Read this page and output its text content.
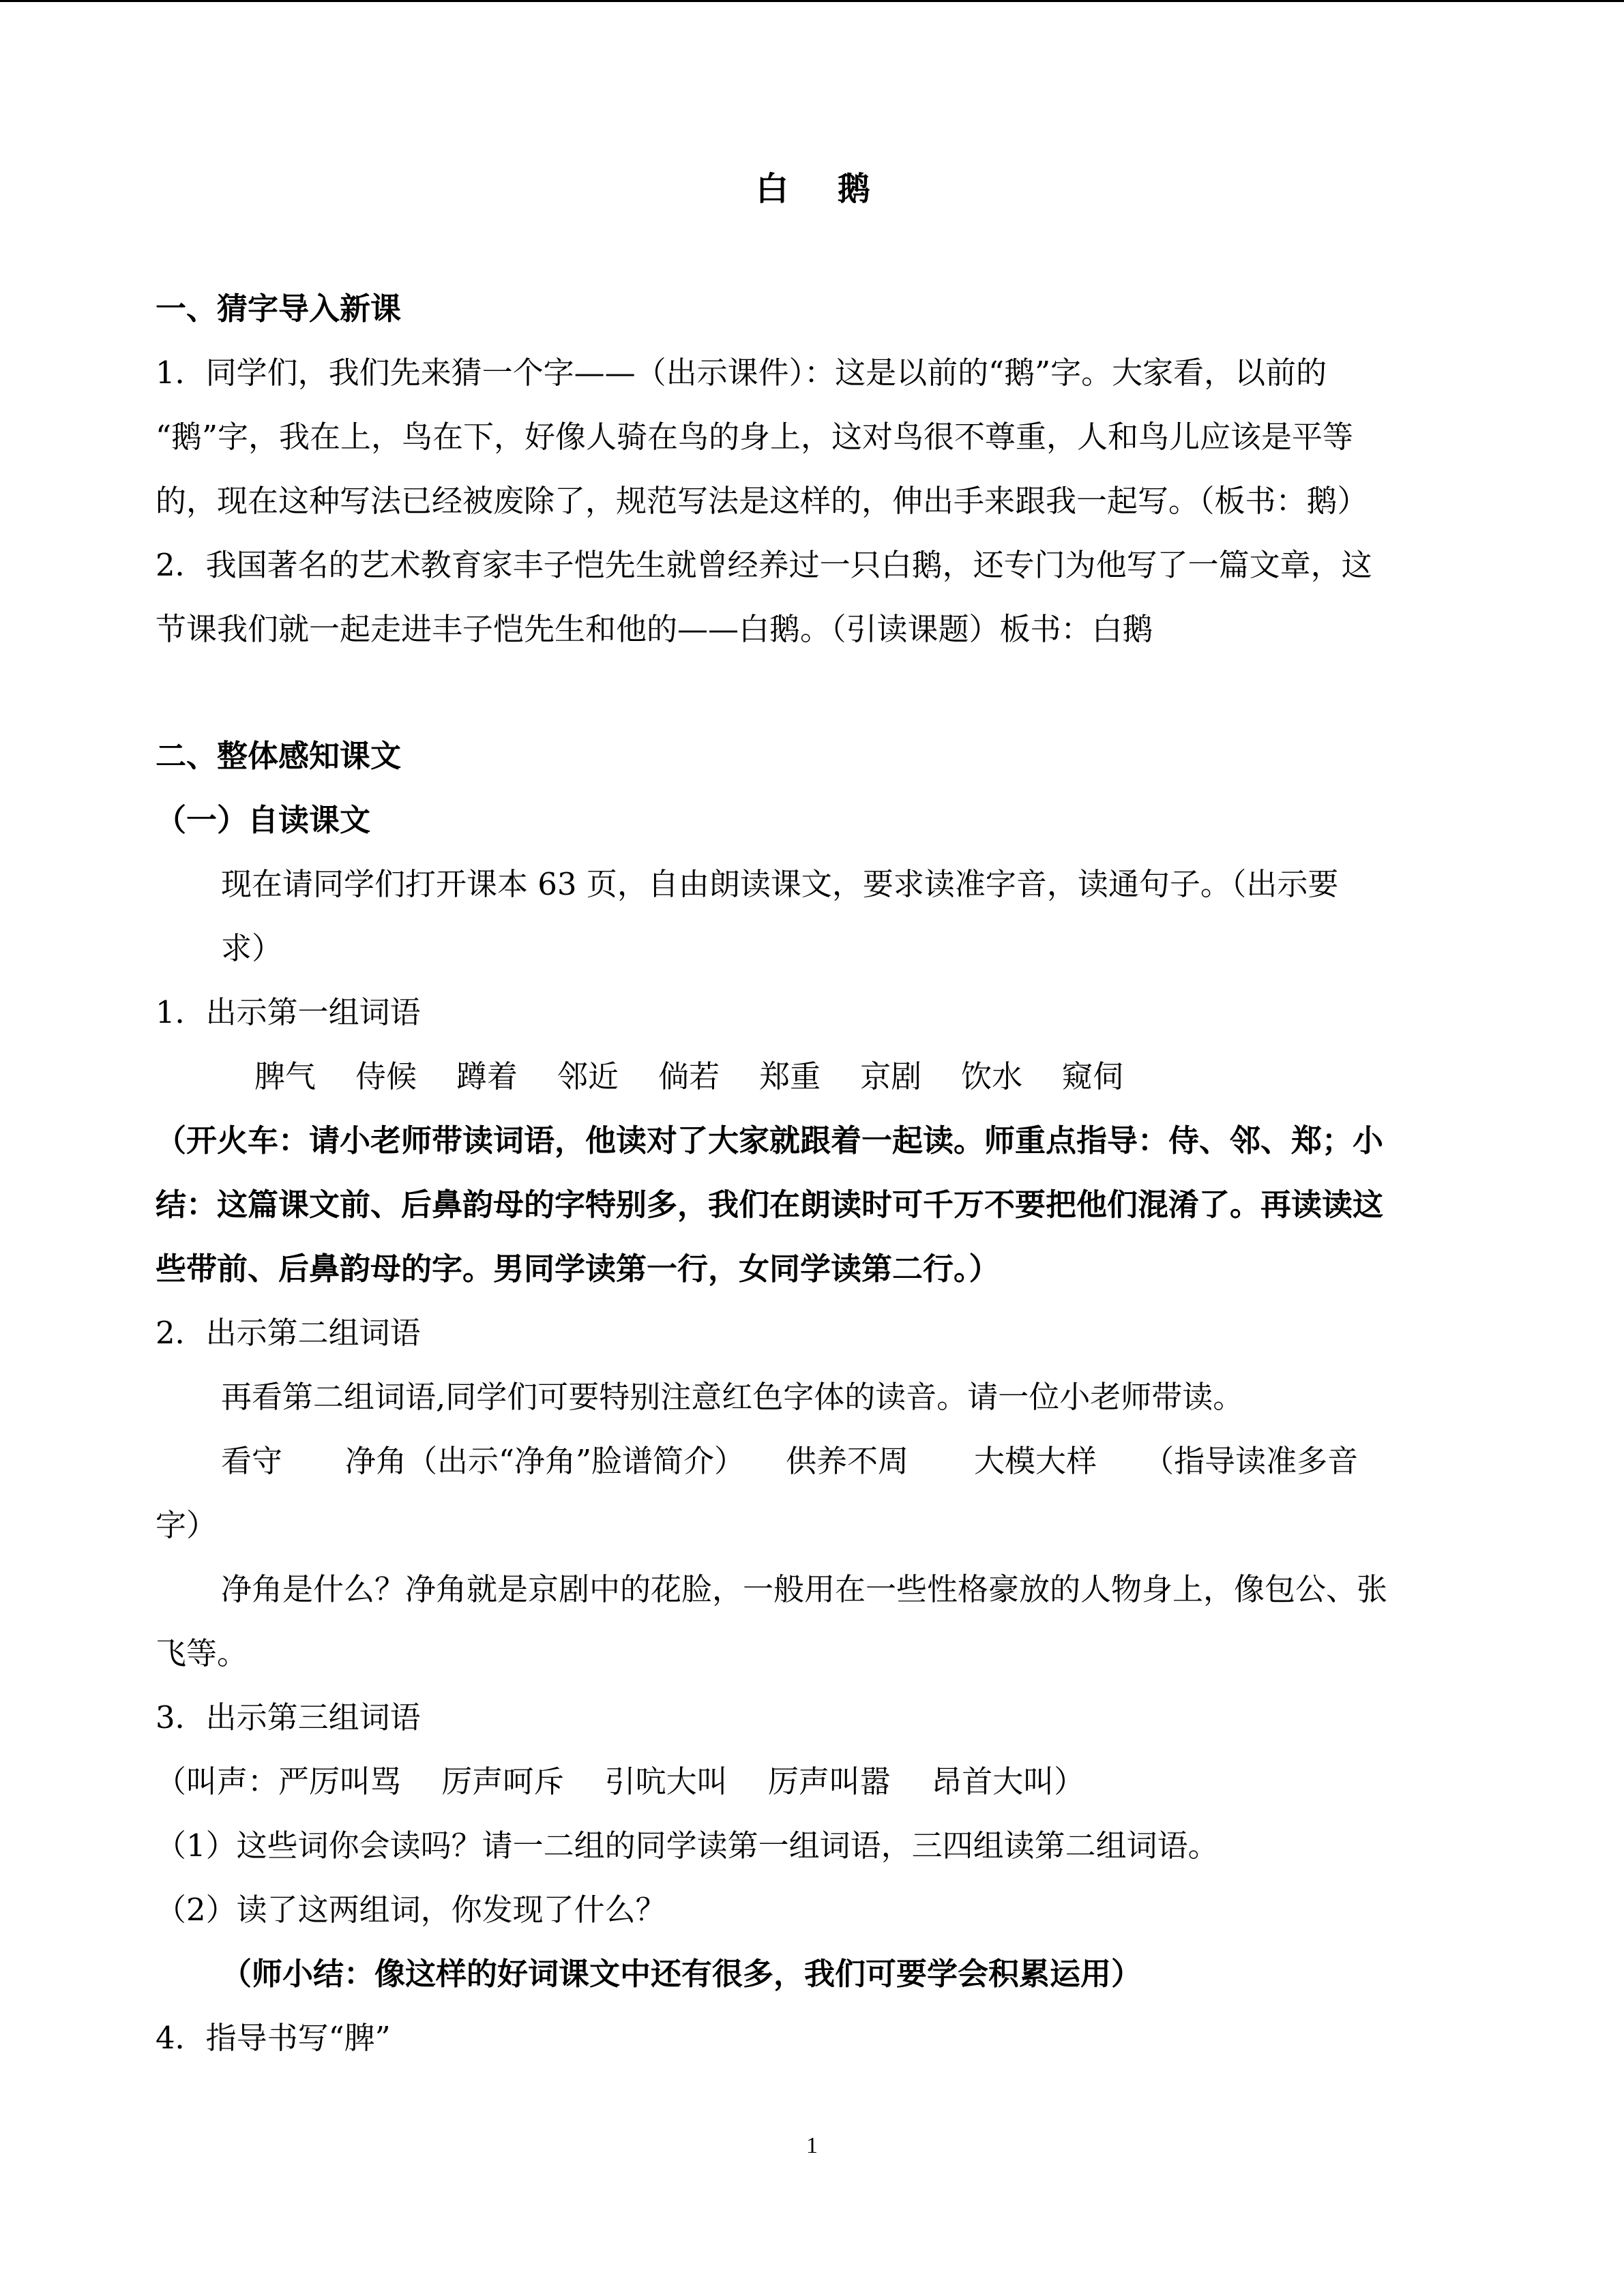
白 鹅

一、猜字导入新课

1．同学们，我们先来猜一个字——（出示课件）：这是以前的“鹅”字。大家看，以前的

“鹅”字，我在上，鸟在下，好像人骑在鸟的身上，这对鸟很不尊重，人和鸟儿应该是平等

的，现在这种写法已经被废除了，规范写法是这样的，伸出手来跟我一起写。（板书：鹅）

2．我国著名的艺术教育家丰子恺先生就曾经养过一只白鹅，还专门为他写了一篇文章，这

节课我们就一起走进丰子恺先生和他的——白鹅。（引读课题）板书：白鹅

二、整体感知课文

（一）自读课文

现在请同学们打开课本 63 页，自由朗读课文，要求读准字音，读通句子。（出示要

求）

1．出示第一组词语

脾气 侍候 蹲着 邻近 倘若 郑重 京剧 饮水 窥伺

（开火车：请小老师带读词语，他读对了大家就跟着一起读。师重点指导：侍、邻、郑；小

结：这篇课文前、后鼻韵母的字特别多，我们在朗读时可千万不要把他们混淆了。再读读这

些带前、后鼻韵母的字。男同学读第一行，女同学读第二行。）

2．出示第二组词语

再看第二组词语,同学们可要特别注意红色字体的读音。请一位小老师带读。

看守 净角（出示“净角”脸谱简介） 供养不周 大模大样 （指导读准多音

字）

净角是什么？净角就是京剧中的花脸，一般用在一些性格豪放的人物身上，像包公、张

飞等。

3．出示第三组词语

（叫声：严厉叫骂　 厉声呵斥　 引吭大叫　 厉声叫嚣　 昂首大叫）

（1）这些词你会读吗？请一二组的同学读第一组词语，三四组读第二组词语。

（2）读了这两组词，你发现了什么？

（师小结：像这样的好词课文中还有很多，我们可要学会积累运用）

4．指导书写“脾”

1
